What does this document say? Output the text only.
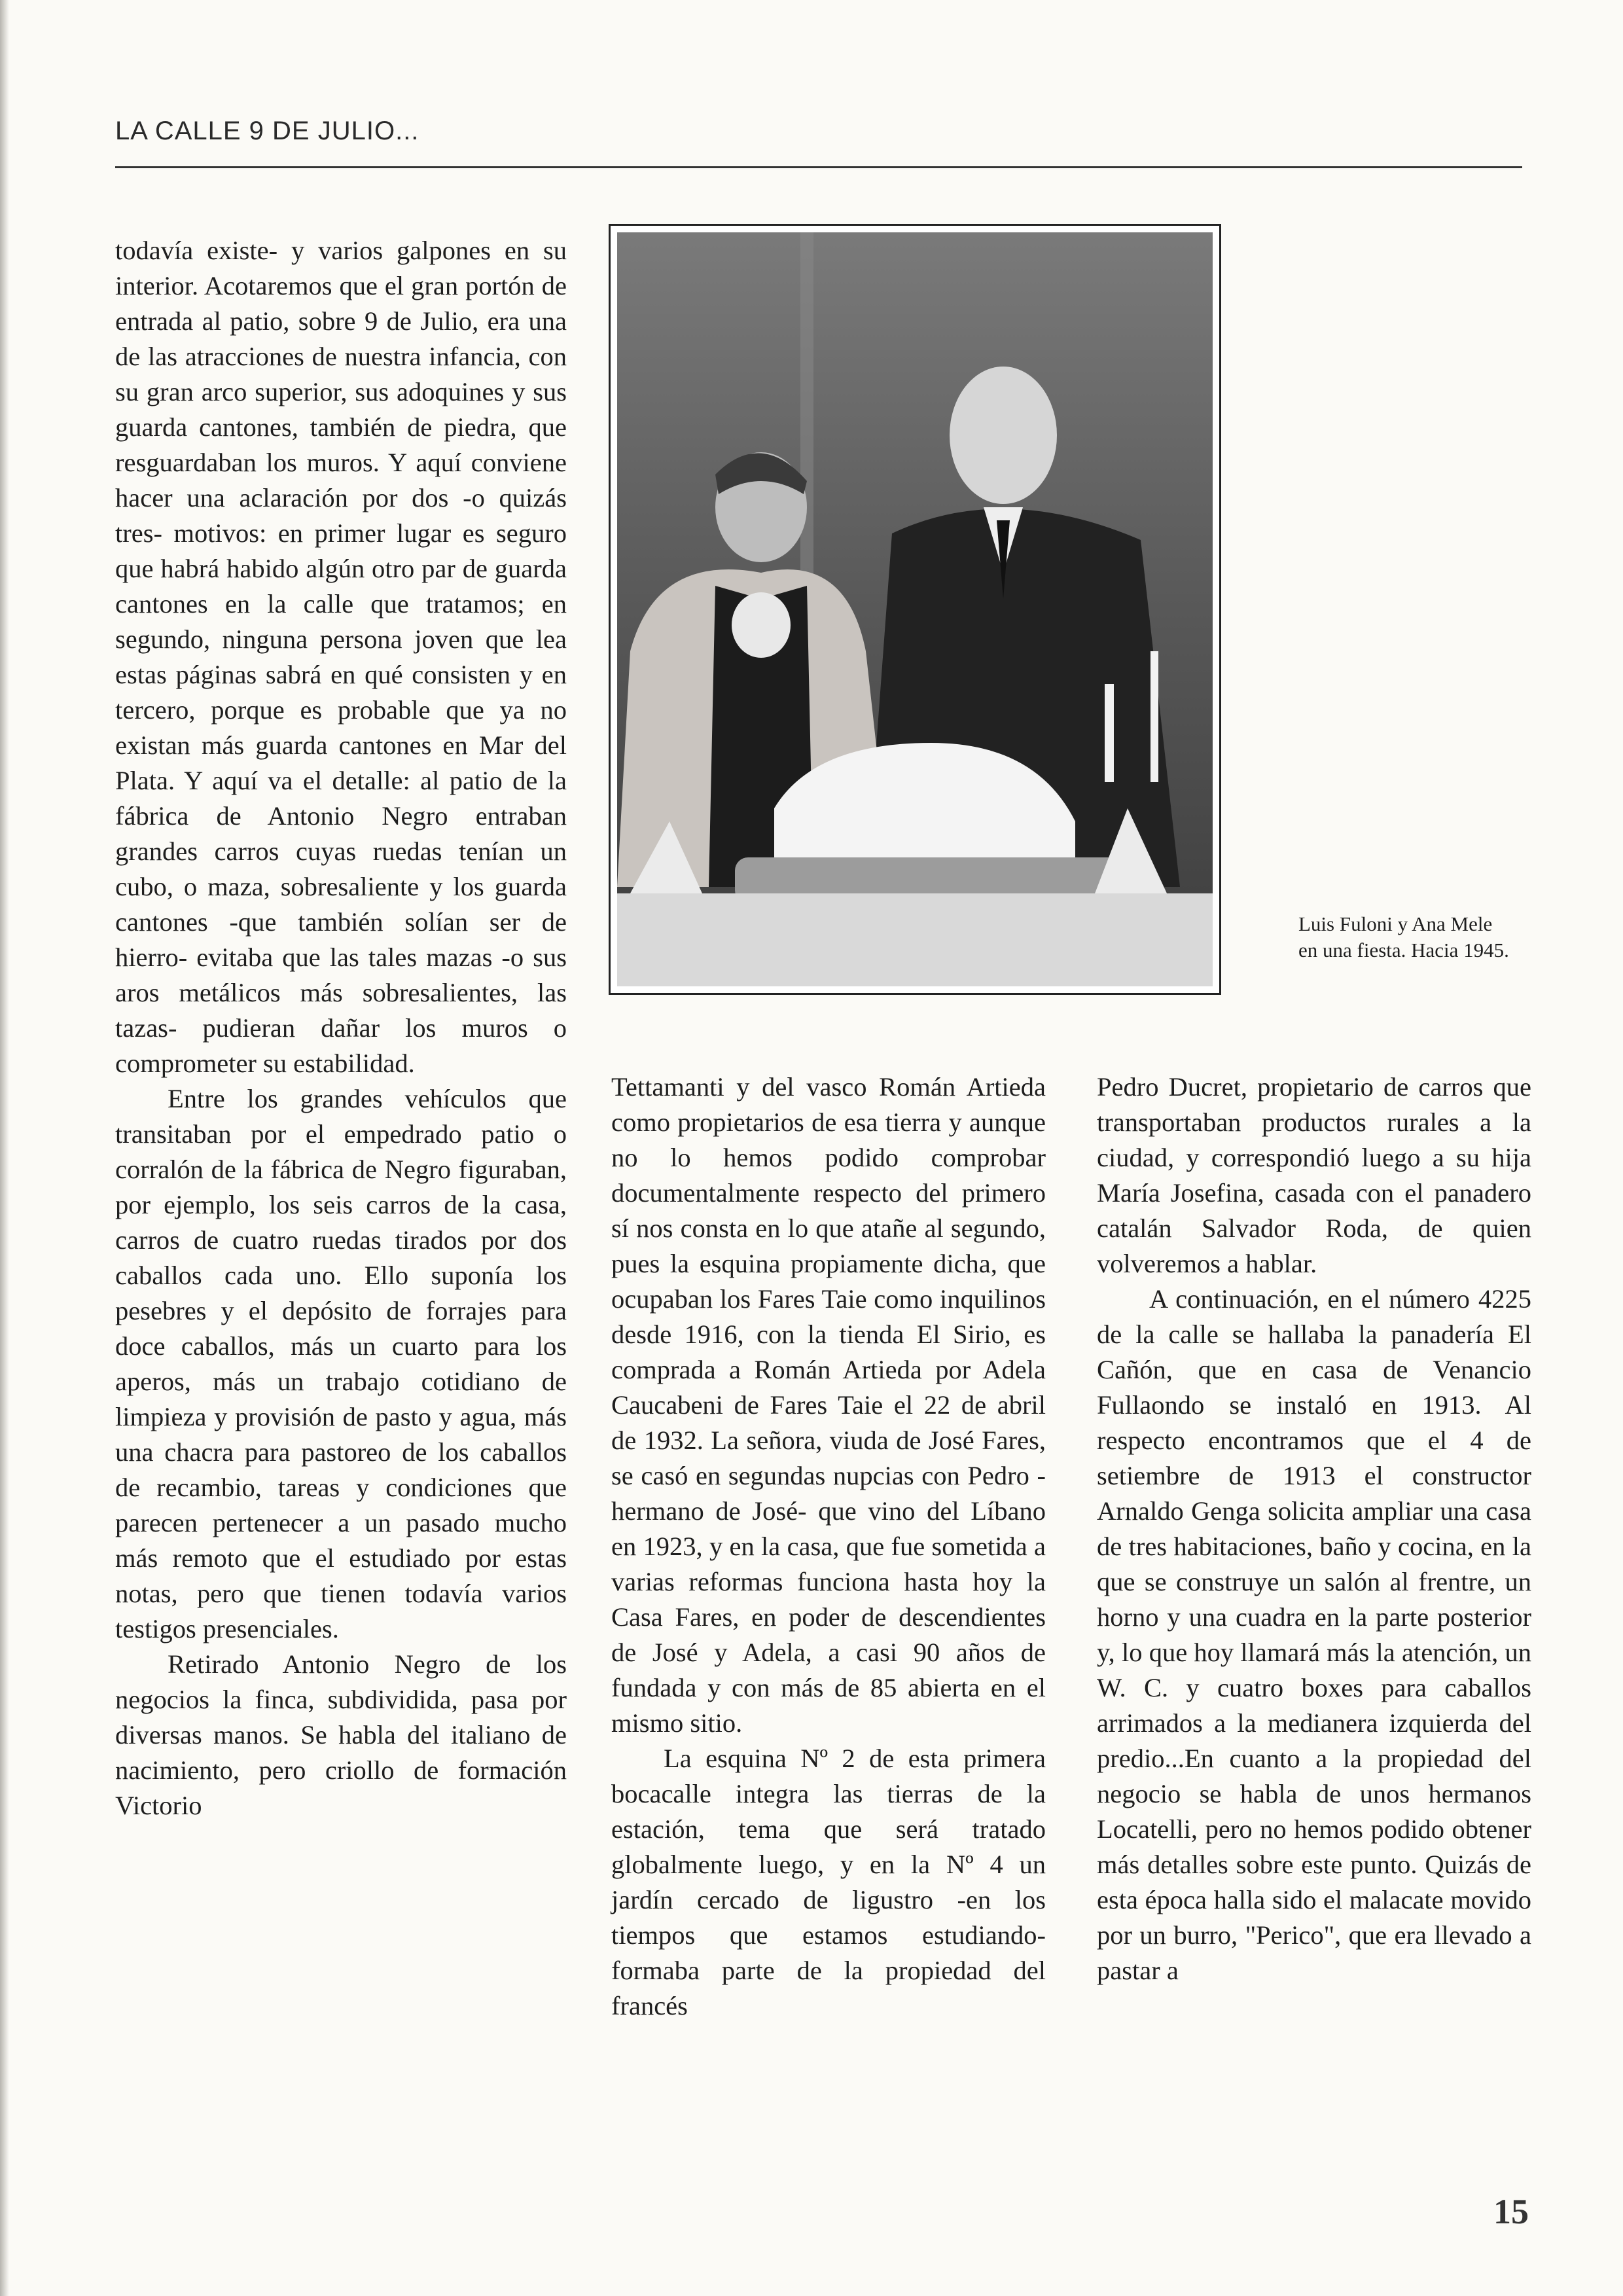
LA CALLE 9 DE JULIO...

todavía existe- y varios galpones en su interior. Acotaremos que el gran portón de entrada al patio, sobre 9 de Julio, era una de las atracciones de nuestra infancia, con su gran arco superior, sus adoquines y sus guarda cantones, también de piedra, que resguardaban los muros. Y aquí conviene hacer una aclaración por dos -o quizás tres- motivos: en primer lugar es seguro que habrá habido algún otro par de guarda cantones en la calle que tratamos; en segundo, ninguna persona joven que lea estas páginas sabrá en qué consisten y en tercero, porque es probable que ya no existan más guarda cantones en Mar del Plata. Y aquí va el detalle: al patio de la fábrica de Antonio Negro entraban grandes carros cuyas ruedas tenían un cubo, o maza, sobresaliente y los guarda cantones -que también solían ser de hierro- evitaba que las tales mazas -o sus aros metálicos más sobresalientes, las tazas- pudieran dañar los muros o comprometer su estabilidad.

Entre los grandes vehículos que transitaban por el empedrado patio o corralón de la fábrica de Negro figuraban, por ejemplo, los seis carros de la casa, carros de cuatro ruedas tirados por dos caballos cada uno. Ello suponía los pesebres y el depósito de forrajes para doce caballos, más un cuarto para los aperos, más un trabajo cotidiano de limpieza y provisión de pasto y agua, más una chacra para pastoreo de los caballos de recambio, tareas y condiciones que parecen pertenecer a un pasado mucho más remoto que el estudiado por estas notas, pero que tienen todavía varios testigos presenciales.

Retirado Antonio Negro de los negocios la finca, subdividida, pasa por diversas manos. Se habla del italiano de nacimiento, pero criollo de formación Victorio

Luis Fuloni y Ana Mele en una fiesta. Hacia 1945.

Tettamanti y del vasco Román Artieda como propietarios de esa tierra y aunque no lo hemos podido comprobar documentalmente respecto del primero sí nos consta en lo que atañe al segundo, pues la esquina propiamente dicha, que ocupaban los Fares Taie como inquilinos desde 1916, con la tienda El Sirio, es comprada a Román Artieda por Adela Caucabeni de Fares Taie el 22 de abril de 1932. La señora, viuda de José Fares, se casó en segundas nupcias con Pedro -hermano de José- que vino del Líbano en 1923, y en la casa, que fue sometida a varias reformas funciona hasta hoy la Casa Fares, en poder de descendientes de José y Adela, a casi 90 años de fundada y con más de 85 abierta en el mismo sitio.

La esquina Nº 2 de esta primera bocacalle integra las tierras de la estación, tema que será tratado globalmente luego, y en la Nº 4 un jardín cercado de ligustro -en los tiempos que estamos estudiando- formaba parte de la propiedad del francés

Pedro Ducret, propietario de carros que transportaban productos rurales a la ciudad, y correspondió luego a su hija María Josefina, casada con el panadero catalán Salvador Roda, de quien volveremos a hablar.

A continuación, en el número 4225 de la calle se hallaba la panadería El Cañón, que en casa de Venancio Fullaondo se instaló en 1913. Al respecto encontramos que el 4 de setiembre de 1913 el constructor Arnaldo Genga solicita ampliar una casa de tres habitaciones, baño y cocina, en la que se construye un salón al frentre, un horno y una cuadra en la parte posterior y, lo que hoy llamará más la atención, un W. C. y cuatro boxes para caballos arrimados a la medianera izquierda del predio...En cuanto a la propiedad del negocio se habla de unos hermanos Locatelli, pero no hemos podido obtener más detalles sobre este punto. Quizás de esta época halla sido el malacate movido por un burro, "Perico", que era llevado a pastar a

15
